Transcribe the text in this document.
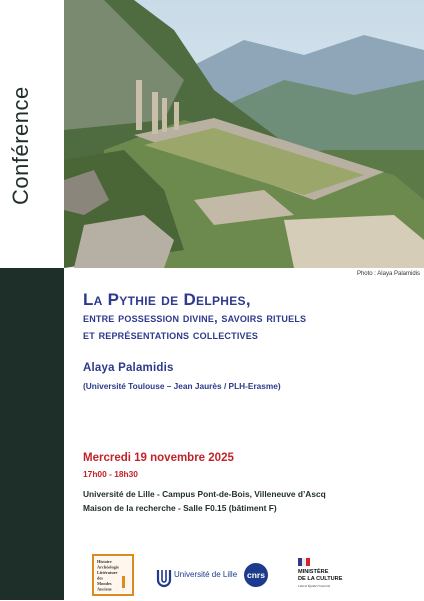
Conférence
Photo : Alaya Palamidis
La Pythie de Delphes,
entre possession divine, savoirs rituels
et représentations collectives
Alaya Palamidis
(Université Toulouse – Jean Jaurès / PLH-Erasme)
Mercredi 19 novembre 2025
17h00 - 18h30
Université de Lille - Campus Pont-de-Bois, Villeneuve d’Ascq
Maison de la recherche - Salle F0.15 (bâtiment F)
Histoire
Archéologie
Littérature
des
Mondes
Anciens
Université de Lille cnrs	MINISTÈRE
DE LA CULTURE
Liberté Égalité Fraternité
